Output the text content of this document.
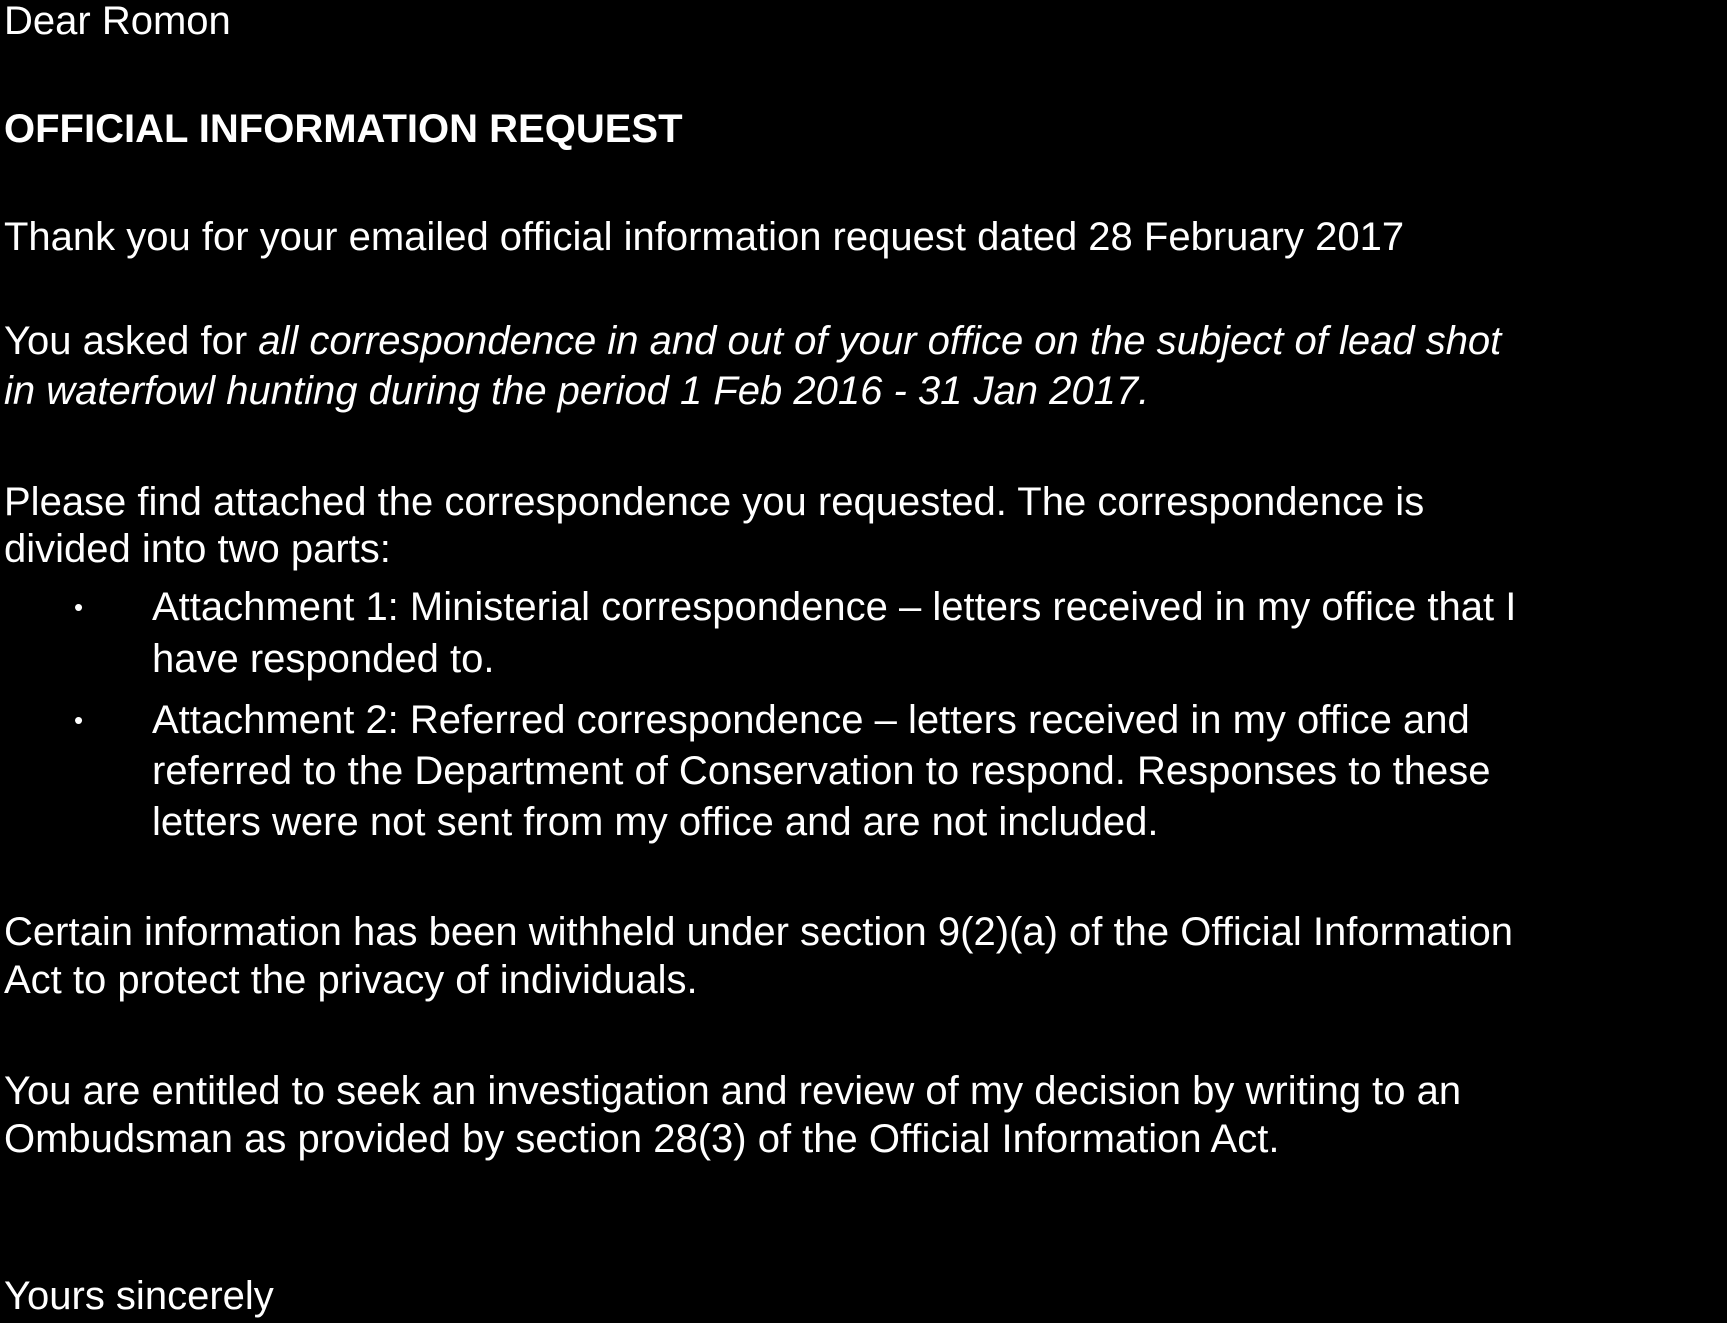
Dear Romon
OFFICIAL INFORMATION REQUEST
Thank you for your emailed official information request dated 28 February 2017
You asked for all correspondence in and out of your office on the subject of lead shot
in waterfowl hunting during the period 1 Feb 2016 - 31 Jan 2017.
Please find attached the correspondence you requested. The correspondence is
divided into two parts:
• Attachment 1: Ministerial correspondence – letters received in my office that I
have responded to.
• Attachment 2: Referred correspondence – letters received in my office and
referred to the Department of Conservation to respond. Responses to these
letters were not sent from my office and are not included.
Certain information has been withheld under section 9(2)(a) of the Official Information
Act to protect the privacy of individuals.
You are entitled to seek an investigation and review of my decision by writing to an
Ombudsman as provided by section 28(3) of the Official Information Act.
Yours sincerely
